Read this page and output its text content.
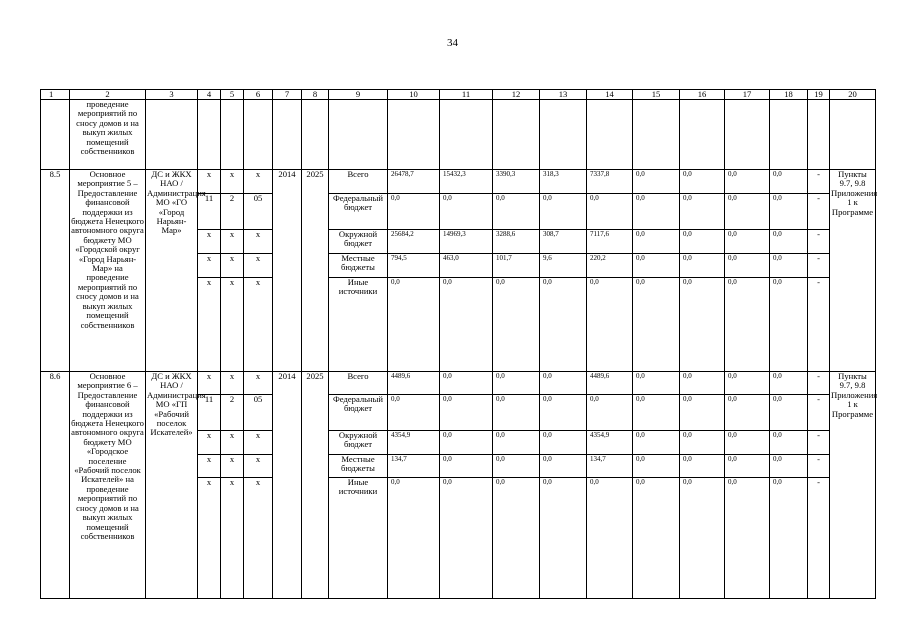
34
1	2	3	4	5	6	7	8	9	10	11	12	13	14	15	16	17	18	19	20
	проведение мероприятий по сносу домов и на выкуп жилых помещений собственников																		
8.5	Основное мероприятие 5 – Предоставление финансовой поддержки из бюджета Ненецкого автономного округа бюджету МО «Городской округ «Город Нарьян-Мар» на проведение мероприятий по сносу домов и на выкуп жилых помещений собственников	ДС и ЖКХ НАО / Администрация МО «ГО «Город Нарьян-Мар»	х	х	х	2014	2025	Всего	26478,7	15432,3	3390,3	318,3	7337,8	0,0	0,0	0,0	0,0	-	Пункты 9.7, 9.8 Приложения 1 к Программе
			11	2	05			Федеральный бюджет	0,0	0,0	0,0	0,0	0,0	0,0	0,0	0,0	0,0	-	
			х	х	х			Окружной бюджет	25684,2	14969,3	3288,6	308,7	7117,6	0,0	0,0	0,0	0,0	-	
			х	х	х			Местные бюджеты	794,5	463,0	101,7	9,6	220,2	0,0	0,0	0,0	0,0	-	
			х	х	х			Иные источники	0,0	0,0	0,0	0,0	0,0	0,0	0,0	0,0	0,0	-	
8.6	Основное мероприятие 6 – Предоставление финансовой поддержки из бюджета Ненецкого автономного округа бюджету МО «Городское поселение «Рабочий поселок Искателей» на проведение мероприятий по сносу домов и на выкуп жилых помещений собственников	ДС и ЖКХ НАО / Администрация МО «ГП «Рабочий поселок Искателей»	х	х	х	2014	2025	Всего	4489,6	0,0	0,0	0,0	4489,6	0,0	0,0	0,0	0,0	-	Пункты 9.7, 9.8 Приложения 1 к Программе
			11	2	05			Федеральный бюджет	0,0	0,0	0,0	0,0	0,0	0,0	0,0	0,0	0,0	-	
			х	х	х			Окружной бюджет	4354,9	0,0	0,0	0,0	4354,9	0,0	0,0	0,0	0,0	-	
			х	х	х			Местные бюджеты	134,7	0,0	0,0	0,0	134,7	0,0	0,0	0,0	0,0	-	
			х	х	х			Иные источники	0,0	0,0	0,0	0,0	0,0	0,0	0,0	0,0	0,0	-	
